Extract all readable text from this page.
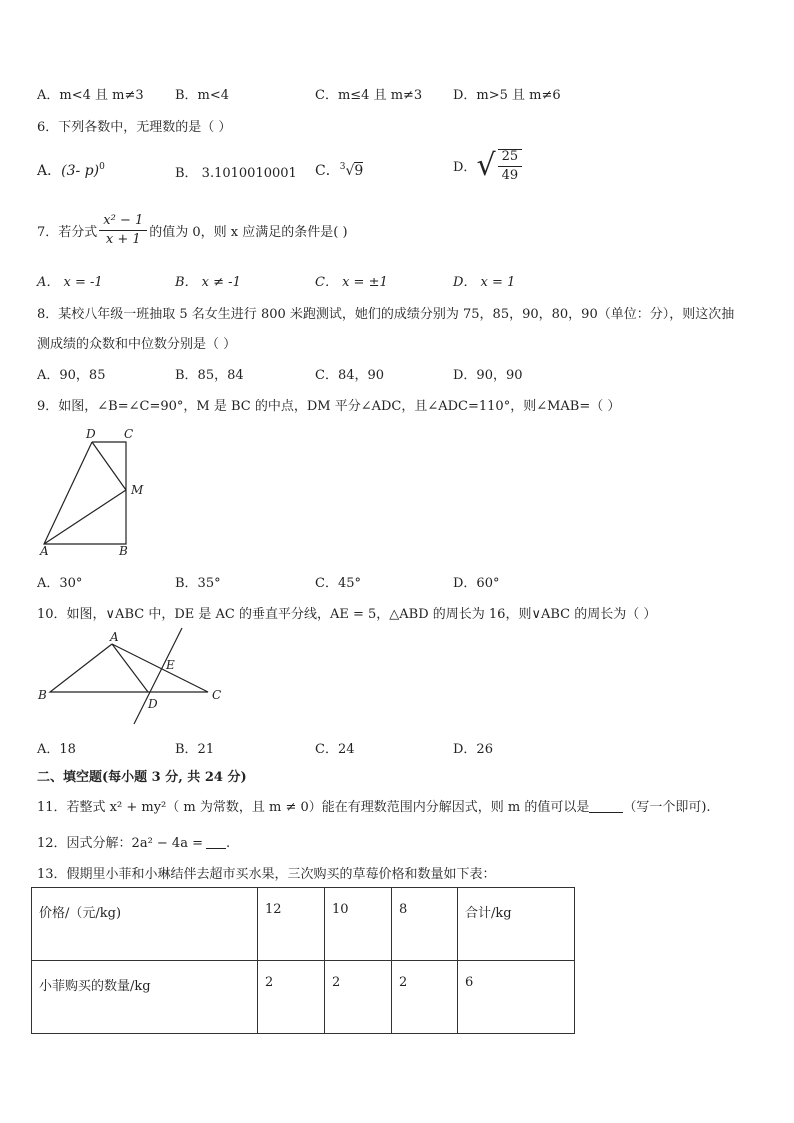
A．m<4 且 m≠3 B．m<4	C．m≤4 且 m≠3 D．m>5 且 m≠6
6．下列各数中，无理数的是（ ）
A．(3- p)$^0$	B． 3.1010010001 C．$^3$√9	D．√ $\frac{25}{49}$
7．若分式 $\frac{\text{x² − 1}}{x + 1}$ 的值为 0，则 x 应满足的条件是( )
A． x = -1	B． x ≠ -1	C． x = ±1	D． x = 1
8．某校八年级一班抽取 5 名女生进行 800 米跑测试，她们的成绩分别为 75，85，90，80，90（单位：分），则这次抽
测成绩的众数和中位数分别是（ ）
A．90，85	B．85，84	C．84，90	D．90，90
9．如图，∠B=∠C=90°，M 是 BC 的中点，DM 平分∠ADC，且∠ADC=110°，则∠MAB=（ ）
D C
M
A	B
A．30°	B．35°	C．45°	D．60°
10．如图，∨ABC 中，DE 是 AC 的垂直平分线，AE = 5，△ABD 的周长为 16，则∨ABC 的周长为（ ）
A
E
B
D
C
A．18	B．21	C．24	D．26
二、填空题(每小题 3 分, 共 24 分)
11．若整式 x² + my²（ m 为常数，且 m ≠ 0）能在有理数范围内分解因式，则 m 的值可以是	（写一个即可).
12．因式分解：2a² − 4a = .
13．假期里小菲和小琳结伴去超市买水果，三次购买的草莓价格和数量如下表：
价格/（元/kg)	12	10	8	合计/kg
小菲购买的数量/kg	2	2	2	6
